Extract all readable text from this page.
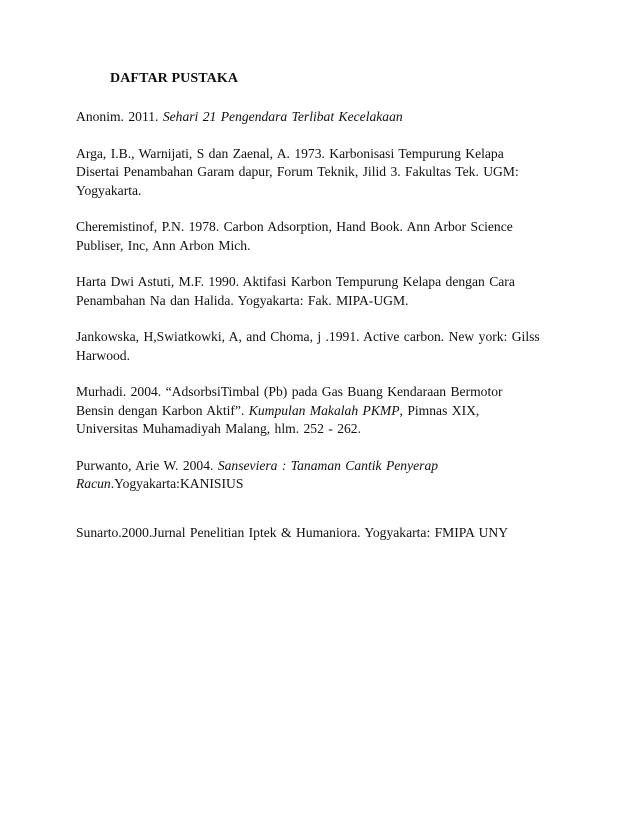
DAFTAR PUSTAKA
Anonim. 2011. Sehari 21 Pengendara Terlibat Kecelakaan
Arga, I.B., Warnijati, S dan Zaenal, A. 1973. Karbonisasi Tempurung Kelapa
Disertai Penambahan Garam dapur, Forum Teknik, Jilid 3. Fakultas Tek. UGM:
Yogyakarta.
Cheremistinof, P.N. 1978. Carbon Adsorption, Hand Book. Ann Arbor Science
Publiser, Inc, Ann Arbon Mich.
Harta Dwi Astuti, M.F. 1990. Aktifasi Karbon Tempurung Kelapa dengan Cara
Penambahan Na dan Halida. Yogyakarta: Fak. MIPA-UGM.
Jankowska, H,Swiatkowki, A, and Choma, j .1991. Active carbon. New york: Gilss
Harwood.
Murhadi. 2004. “AdsorbsiTimbal (Pb) pada Gas Buang Kendaraan Bermotor
Bensin dengan Karbon Aktif”. Kumpulan Makalah PKMP, Pimnas XIX,
Universitas Muhamadiyah Malang, hlm. 252 - 262.
Purwanto, Arie W. 2004. Sanseviera : Tanaman Cantik Penyerap
Racun.Yogyakarta:KANISIUS
Sunarto.2000.Jurnal Penelitian Iptek & Humaniora. Yogyakarta: FMIPA UNY
